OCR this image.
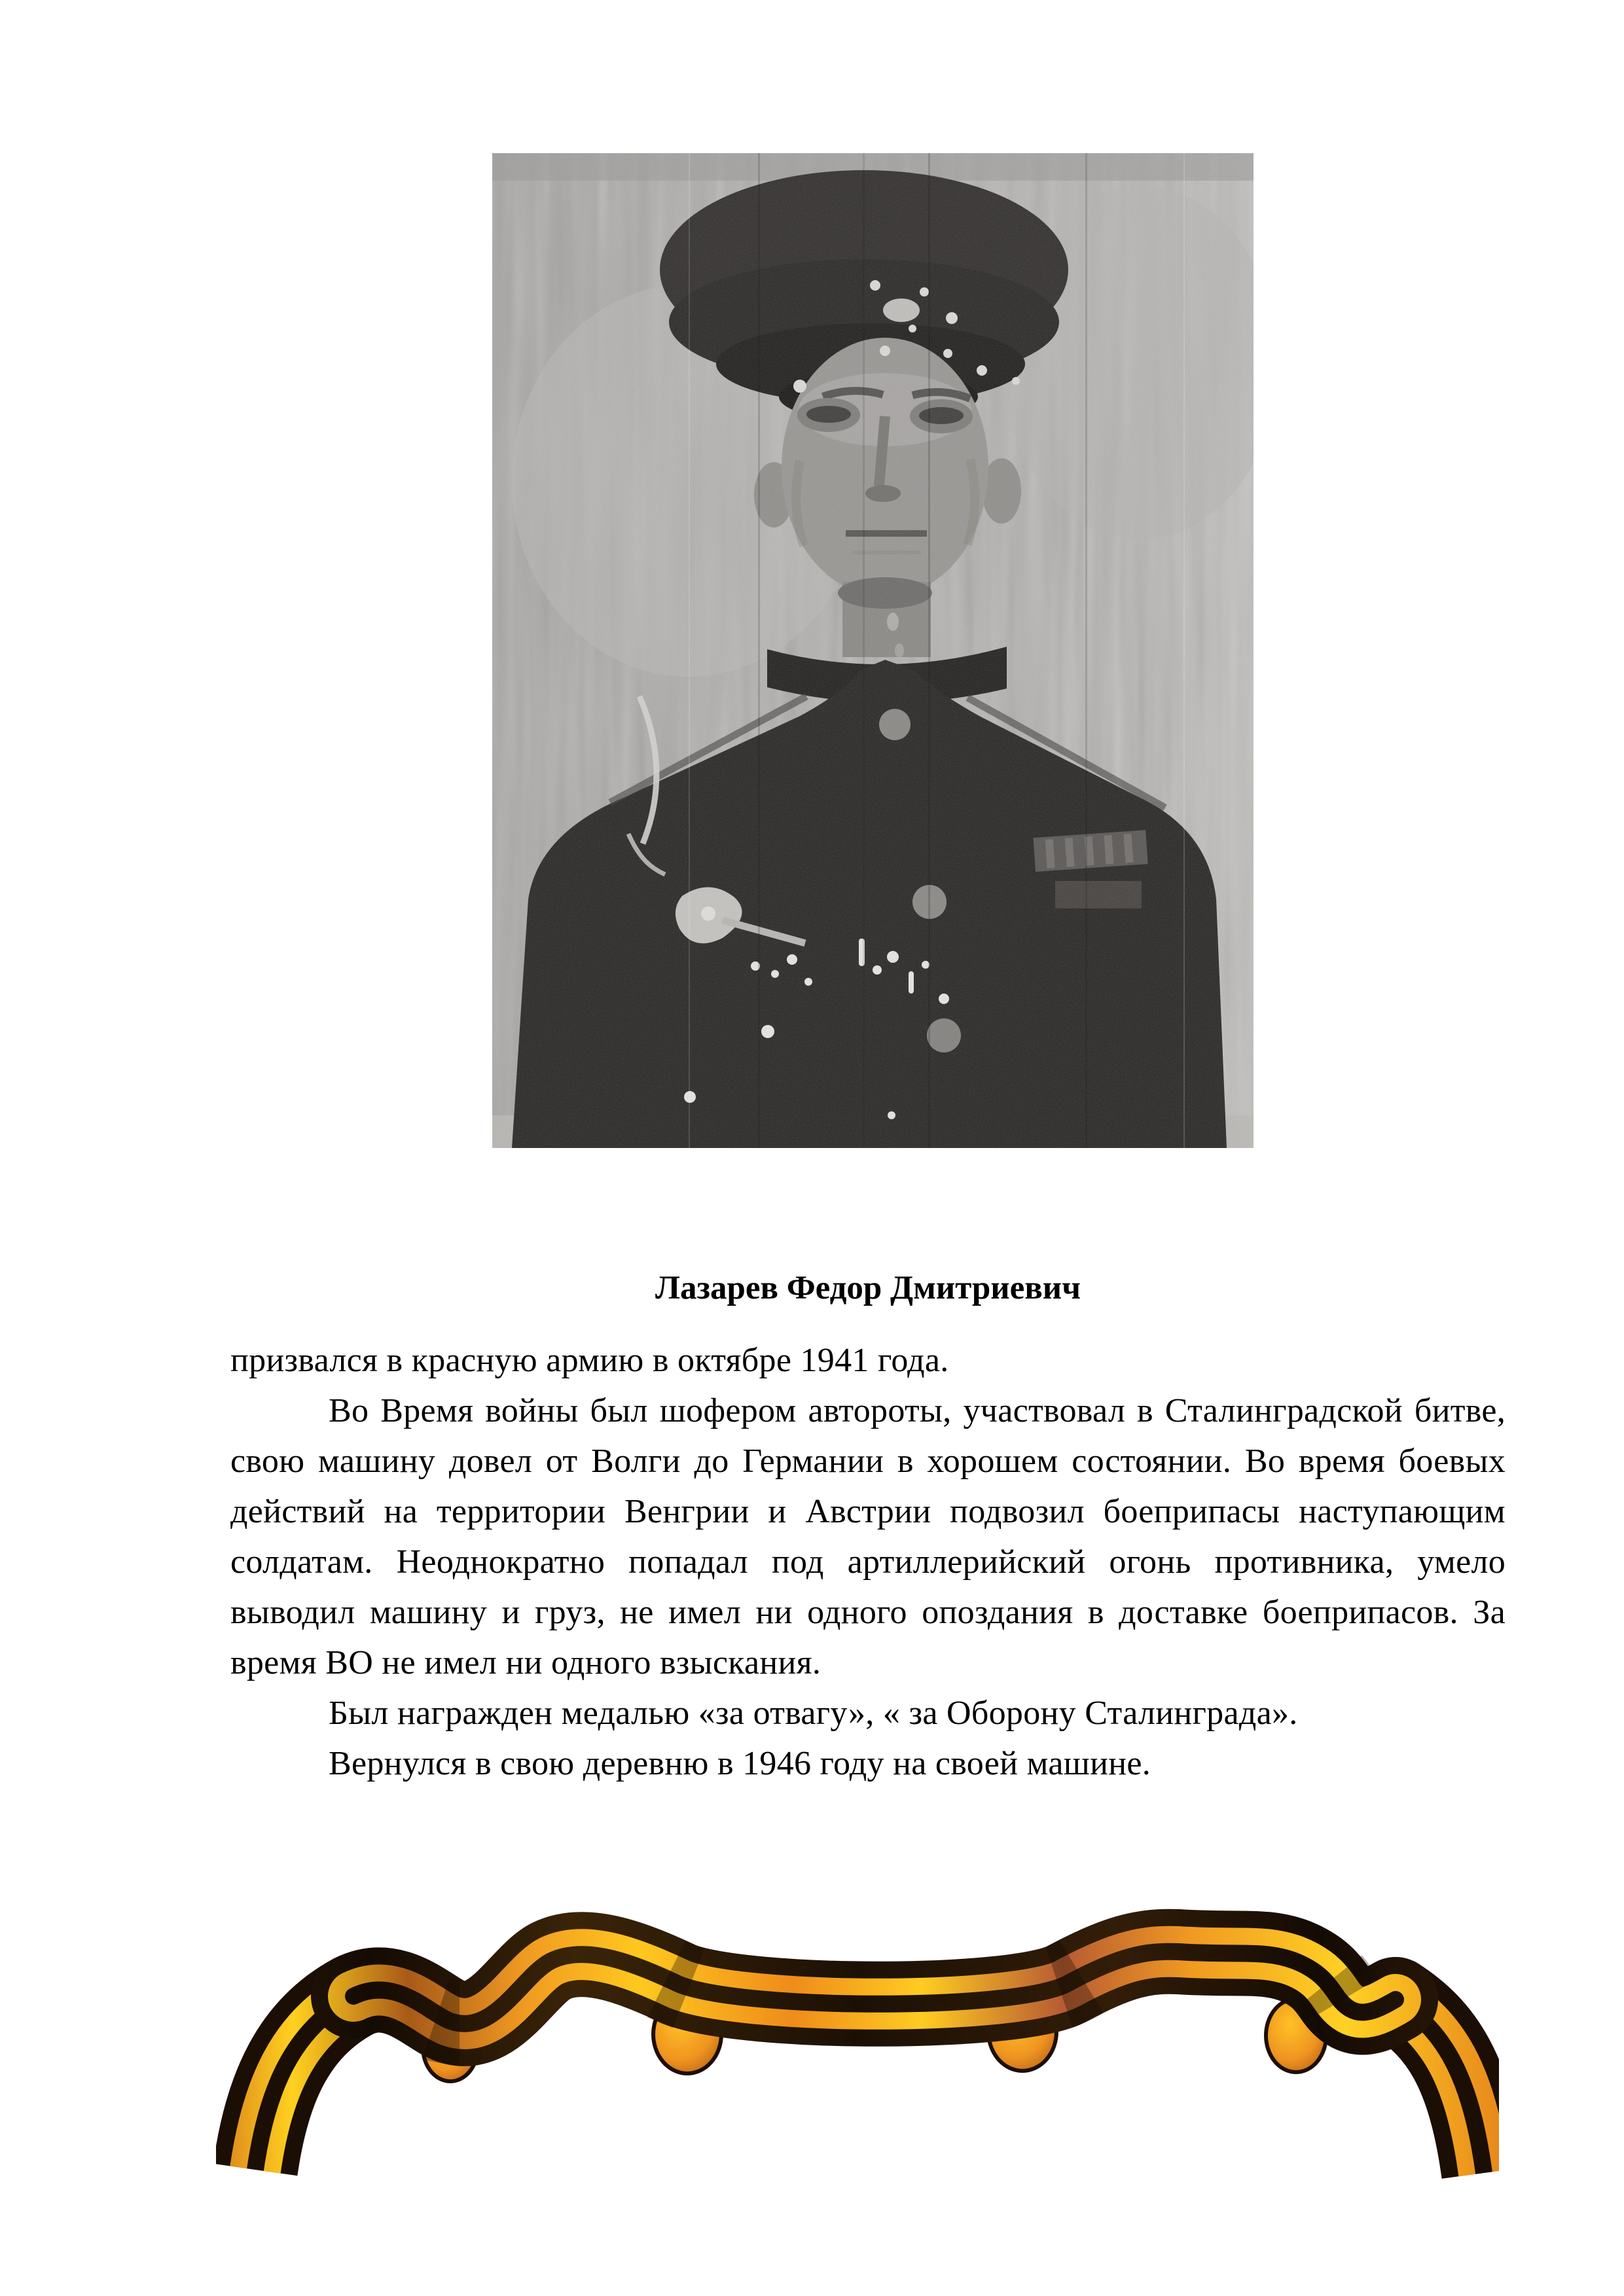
Лазарев Федор Дмитриевич

призвался в красную армию в октябре 1941 года.

Во Время войны был шофером автороты, участвовал в Сталинградской битве, свою машину довел от Волги до Германии в хорошем состоянии. Во время боевых действий на территории Венгрии и Австрии подвозил боеприпасы наступающим солдатам. Неоднократно попадал под артиллерийский огонь противника, умело выводил машину и груз, не имел ни одного опоздания в доставке боеприпасов. За время ВО не имел ни одного взыскания.

Был награжден медалью «за отвагу», « за Оборону Сталинграда».

Вернулся в свою деревню в 1946 году на своей машине.
